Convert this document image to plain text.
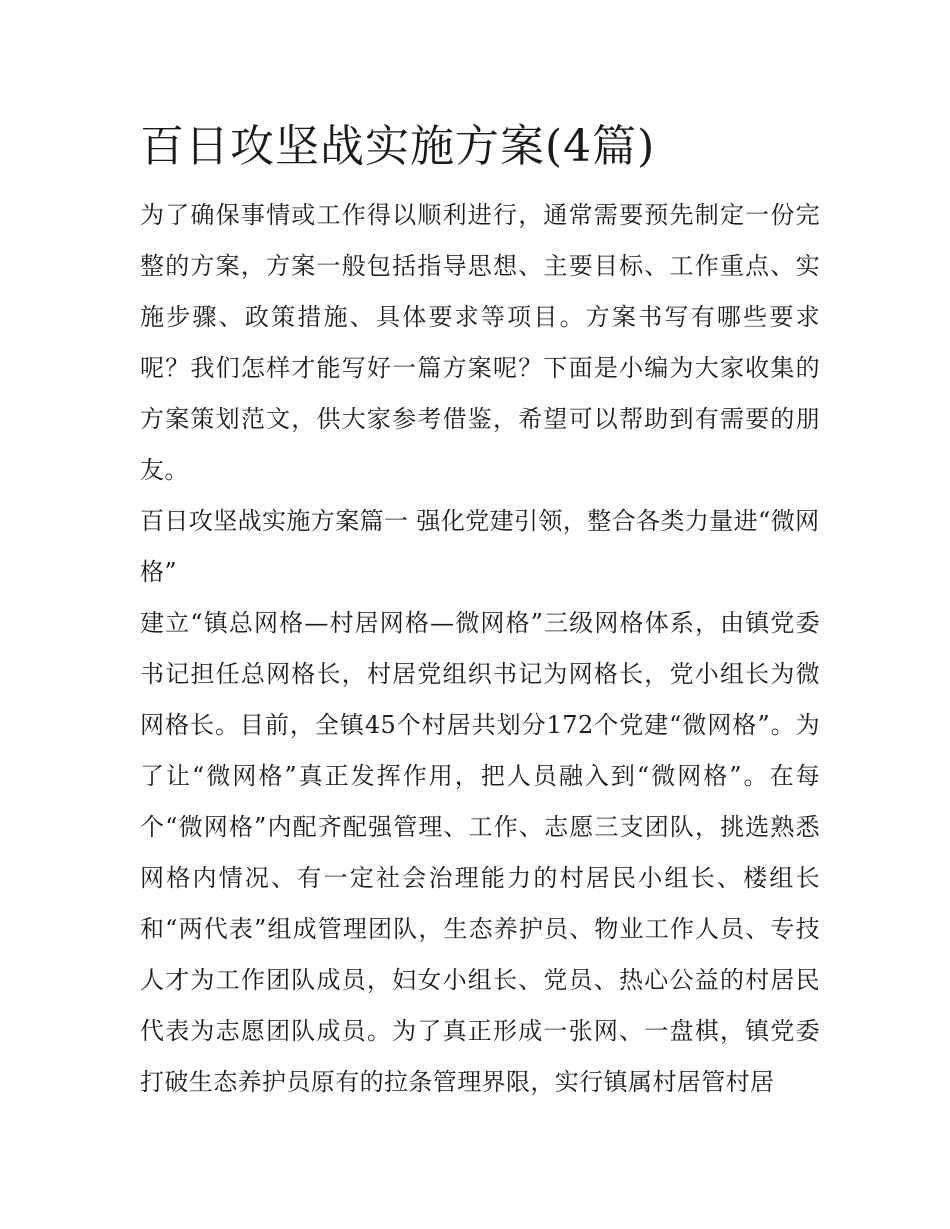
百日攻坚战实施方案(4篇)

为了确保事情或工作得以顺利进行，通常需要预先制定一份完整的方案，方案一般包括指导思想、主要目标、工作重点、实施步骤、政策措施、具体要求等项目。方案书写有哪些要求呢？我们怎样才能写好一篇方案呢？下面是小编为大家收集的方案策划范文，供大家参考借鉴，希望可以帮助到有需要的朋友。

百日攻坚战实施方案篇一 强化党建引领，整合各类力量进“微网格”

建立“镇总网格—村居网格—微网格”三级网格体系，由镇党委书记担任总网格长，村居党组织书记为网格长，党小组长为微网格长。目前，全镇45个村居共划分172个党建“微网格”。为了让“微网格”真正发挥作用，把人员融入到“微网格”。在每个“微网格”内配齐配强管理、工作、志愿三支团队，挑选熟悉网格内情况、有一定社会治理能力的村居民小组长、楼组长和“两代表”组成管理团队，生态养护员、物业工作人员、专技人才为工作团队成员，妇女小组长、党员、热心公益的村居民代表为志愿团队成员。为了真正形成一张网、一盘棋，镇党委打破生态养护员原有的拉条管理界限，实行镇属村居管村居
